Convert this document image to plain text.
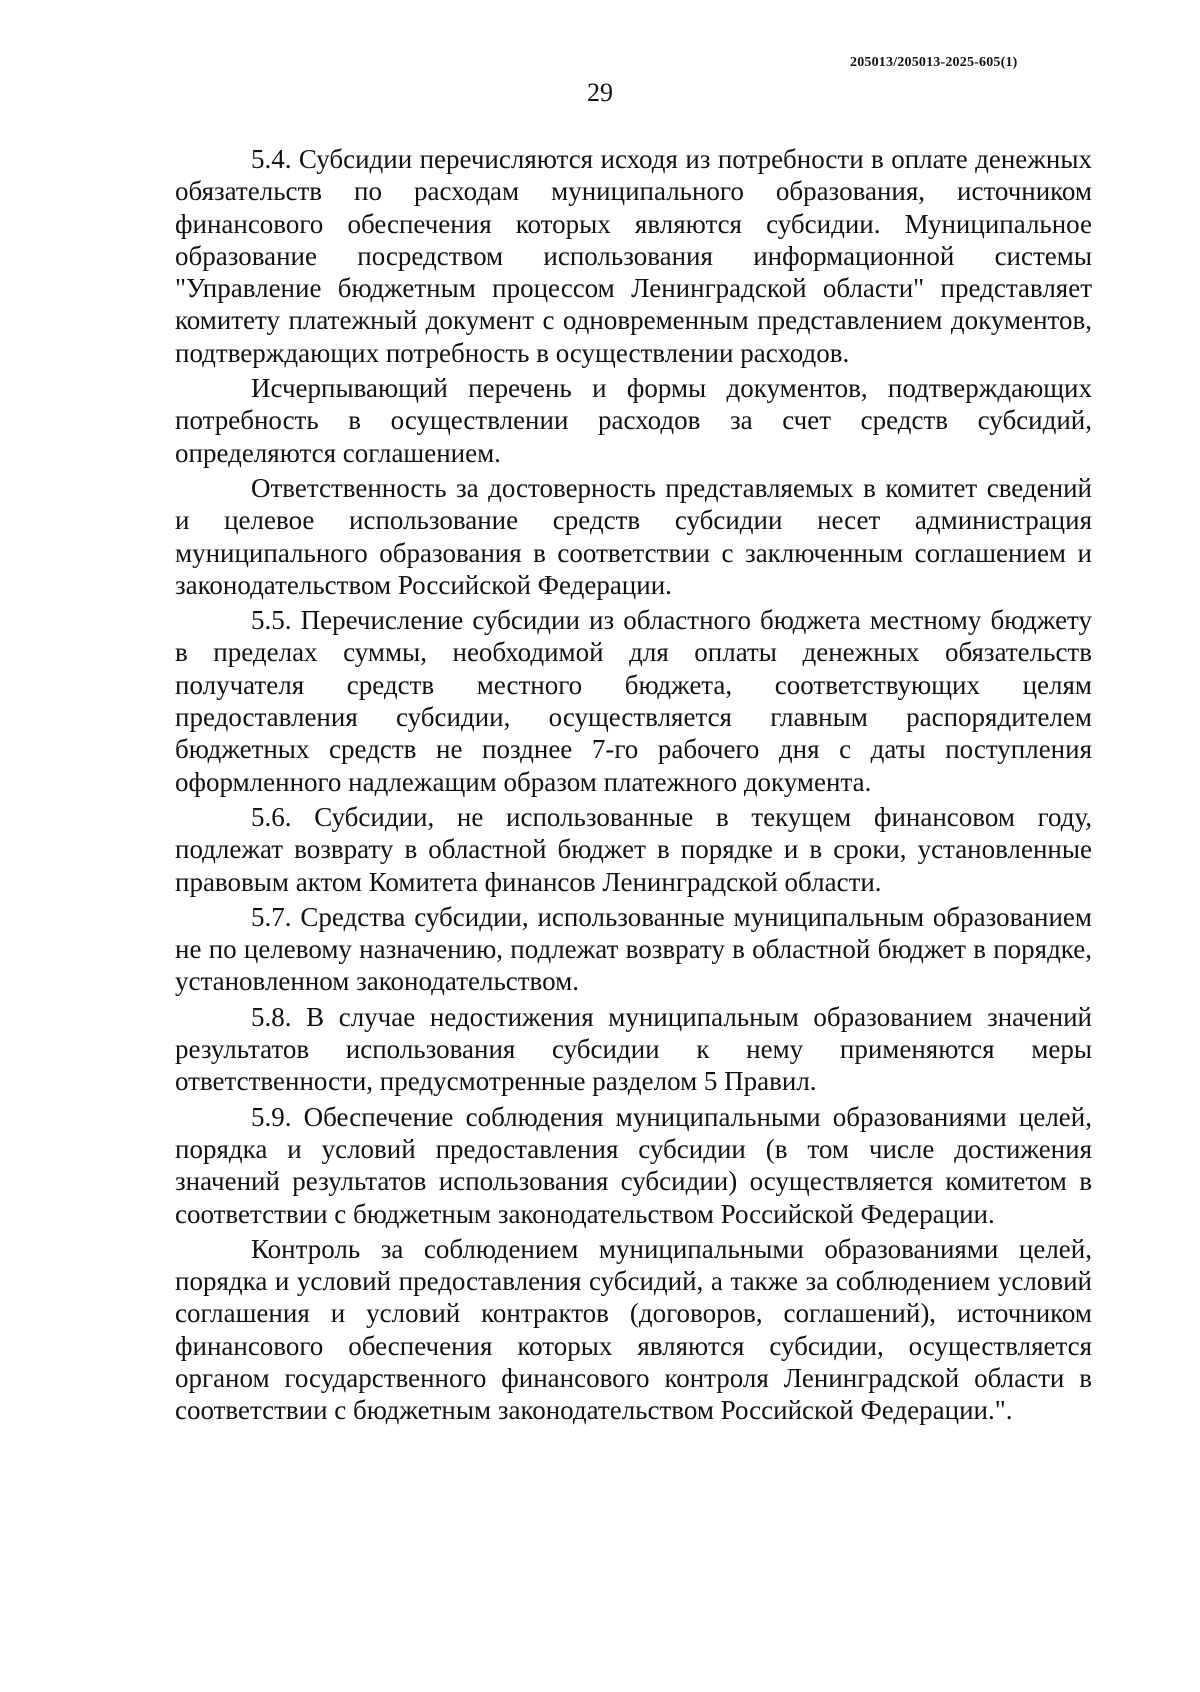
205013/205013-2025-605(1)
29

5.4. Субсидии перечисляются исходя из потребности в оплате денежных обязательств по расходам муниципального образования, источником финансового обеспечения которых являются субсидии. Муниципальное образование посредством использования информационной системы "Управление бюджетным процессом Ленинградской области" представляет комитету платежный документ с одновременным представлением документов, подтверждающих потребность в осуществлении расходов.

Исчерпывающий перечень и формы документов, подтверждающих потребность в осуществлении расходов за счет средств субсидий, определяются соглашением.

Ответственность за достоверность представляемых в комитет сведений и целевое использование средств субсидии несет администрация муниципального образования в соответствии с заключенным соглашением и законодательством Российской Федерации.

5.5. Перечисление субсидии из областного бюджета местному бюджету в пределах суммы, необходимой для оплаты денежных обязательств получателя средств местного бюджета, соответствующих целям предоставления субсидии, осуществляется главным распорядителем бюджетных средств не позднее 7-го рабочего дня с даты поступления оформленного надлежащим образом платежного документа.

5.6. Субсидии, не использованные в текущем финансовом году, подлежат возврату в областной бюджет в порядке и в сроки, установленные правовым актом Комитета финансов Ленинградской области.

5.7. Средства субсидии, использованные муниципальным образованием не по целевому назначению, подлежат возврату в областной бюджет в порядке, установленном законодательством.

5.8. В случае недостижения муниципальным образованием значений результатов использования субсидии к нему применяются меры ответственности, предусмотренные разделом 5 Правил.

5.9. Обеспечение соблюдения муниципальными образованиями целей, порядка и условий предоставления субсидии (в том числе достижения значений результатов использования субсидии) осуществляется комитетом в соответствии с бюджетным законодательством Российской Федерации.

Контроль за соблюдением муниципальными образованиями целей, порядка и условий предоставления субсидий, а также за соблюдением условий соглашения и условий контрактов (договоров, соглашений), источником финансового обеспечения которых являются субсидии, осуществляется органом государственного финансового контроля Ленинградской области в соответствии с бюджетным законодательством Российской Федерации.".
